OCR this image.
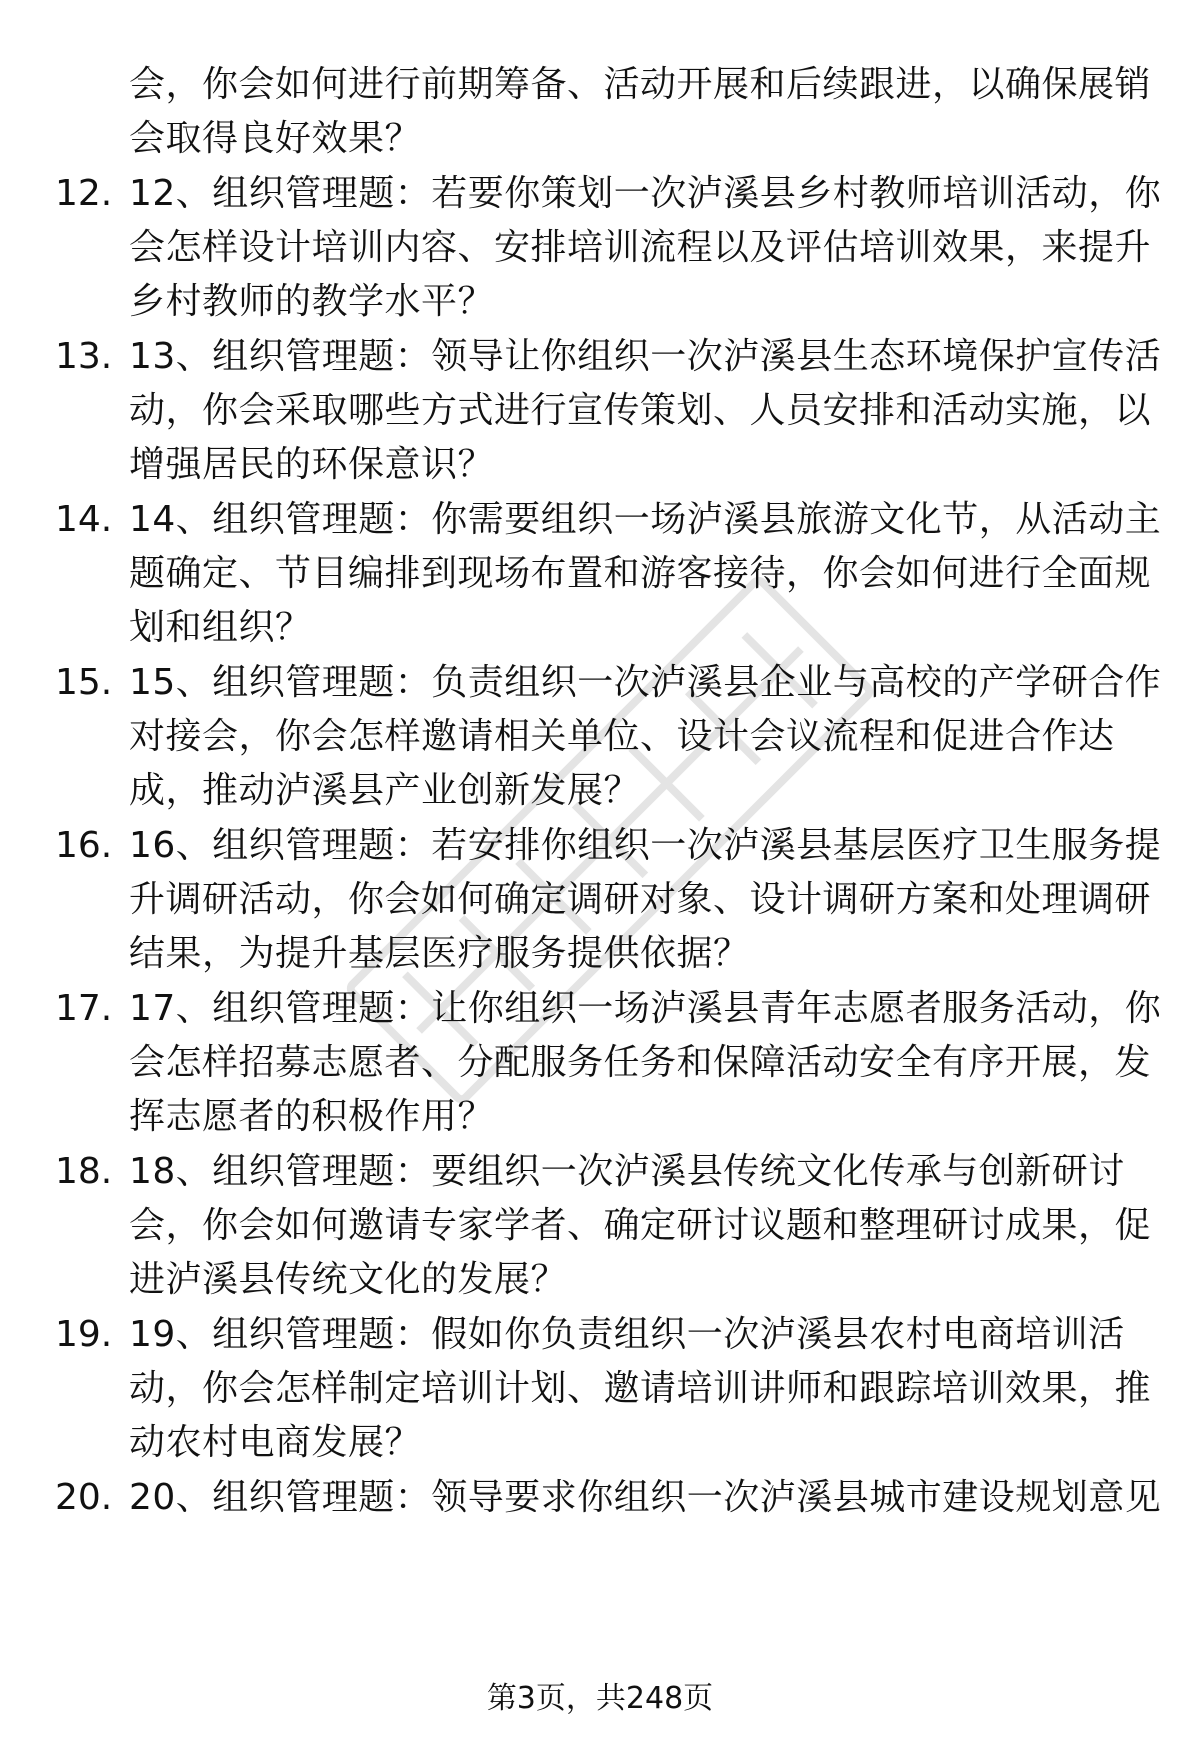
会，你会如何进行前期筹备、活动开展和后续跟进，以确保展销
会取得良好效果？
12. 12、组织管理题：若要你策划一次泸溪县乡村教师培训活动，你
会怎样设计培训内容、安排培训流程以及评估培训效果，来提升
乡村教师的教学水平？
13. 13、组织管理题：领导让你组织一次泸溪县生态环境保护宣传活
动，你会采取哪些方式进行宣传策划、人员安排和活动实施，以
增强居民的环保意识？
14. 14、组织管理题：你需要组织一场泸溪县旅游文化节，从活动主
题确定、节目编排到现场布置和游客接待，你会如何进行全面规
划和组织？
15. 15、组织管理题：负责组织一次泸溪县企业与高校的产学研合作
对接会，你会怎样邀请相关单位、设计会议流程和促进合作达
成，推动泸溪县产业创新发展？
16. 16、组织管理题：若安排你组织一次泸溪县基层医疗卫生服务提
升调研活动，你会如何确定调研对象、设计调研方案和处理调研
结果，为提升基层医疗服务提供依据？
17. 17、组织管理题：让你组织一场泸溪县青年志愿者服务活动，你
会怎样招募志愿者、分配服务任务和保障活动安全有序开展，发
挥志愿者的积极作用？
18. 18、组织管理题：要组织一次泸溪县传统文化传承与创新研讨
会，你会如何邀请专家学者、确定研讨议题和整理研讨成果，促
进泸溪县传统文化的发展？
19. 19、组织管理题：假如你负责组织一次泸溪县农村电商培训活
动，你会怎样制定培训计划、邀请培训讲师和跟踪培训效果，推
动农村电商发展？
20. 20、组织管理题：领导要求你组织一次泸溪县城市建设规划意见
第3页，共248页
